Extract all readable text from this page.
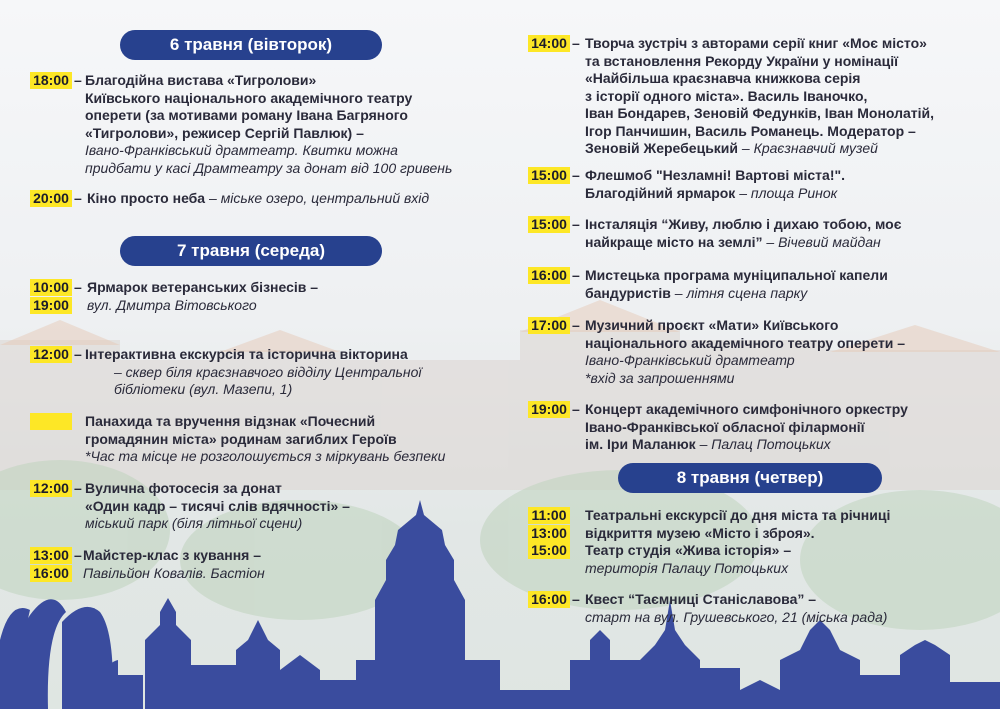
6 травня (вівторок)
7 травня (середа)
8 травня (четвер)
18:00 – Благодійна вистава «Тигролови»
Київського національного академічного театру
оперети (за мотивами роману Івана Багряного
«Тигролови», режисер Сергій Павлюк) –
Івано-Франківський драмтеатр. Квитки можна
придбати у касі Драмтеатру за донат від 100 гривень
20:00 – Кіно просто неба – міське озеро, центральний вхід
10:00
19:00
– Ярмарок ветеранських бізнесів –
вул. Дмитра Вітовського
12:00 – Інтерактивна екскурсія та історична вікторина
– сквер біля краєзнавчого відділу Центральної
бібліотеки (вул. Мазепи, 1)
Панахида та вручення відзнак «Почесний
громадянин міста» родинам загиблих Героїв
*Час та місце не розголошується з міркувань безпеки
12:00 – Вулична фотосесія за донат
«Один кадр – тисячі слів вдячності» –
міський парк (біля літньої сцени)
13:00
16:00
– Майстер-клас з кування –
Павільйон Ковалів. Бастіон
14:00 – Творча зустріч з авторами серії книг «Моє місто»
та встановлення Рекорду України у номінації
«Найбільша краєзнавча книжкова серія
з історії одного міста». Василь Іваночко,
Іван Бондарев, Зеновій Федунків, Іван Монолатій,
Ігор Панчишин, Василь Романець. Модератор –
Зеновій Жеребецький – Краєзнавчий музей
15:00 – Флешмоб "Незламні! Вартові міста!".
Благодійний ярмарок – площа Ринок
15:00 – Інсталяція “Живу, люблю і дихаю тобою, моє
найкраще місто на землі” – Вічевий майдан
16:00 – Мистецька програма муніципальної капели
бандуристів – літня сцена парку
17:00 – Музичний проєкт «Мати» Київського
національного академічного театру оперети –
Івано-Франківський драмтеатр
*вхід за запрошеннями
19:00 – Концерт академічного симфонічного оркестру
Івано-Франківської обласної філармонії
ім. Іри Маланюк – Палац Потоцьких
11:00
13:00
15:00
Театральні екскурсії до дня міста та річниці
відкриття музею «Місто і зброя».
Театр студія «Жива історія» –
територія Палацу Потоцьких
16:00 – Квест “Таємниці Станіславова” –
старт на вул. Грушевського, 21 (міська рада)
